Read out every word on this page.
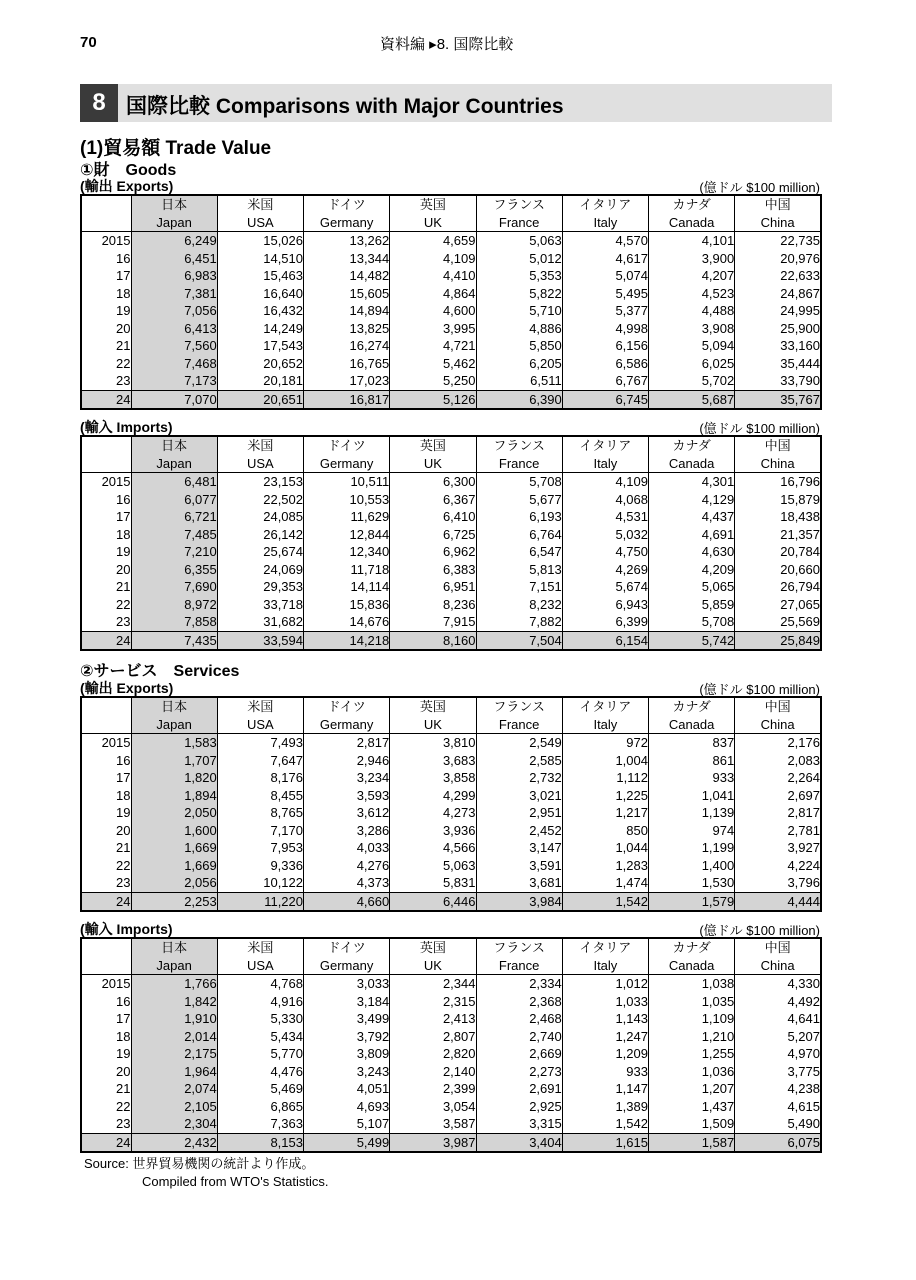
70	資料編 ▸8. 国際比較
8 国際比較 Comparisons with Major Countries
(1)貿易額 Trade Value
①財　Goods
②サービス　Services
(輸出 Exports)	(億ドル $100 million)
	日本	米国	ドイツ	英国	フランス	イタリア	カナダ	中国
	Japan	USA	Germany	UK	France	Italy	Canada	China
2015	6,249	15,026	13,262	4,659	5,063	4,570	4,101	22,735
16	6,451	14,510	13,344	4,109	5,012	4,617	3,900	20,976
17	6,983	15,463	14,482	4,410	5,353	5,074	4,207	22,633
18	7,381	16,640	15,605	4,864	5,822	5,495	4,523	24,867
19	7,056	16,432	14,894	4,600	5,710	5,377	4,488	24,995
20	6,413	14,249	13,825	3,995	4,886	4,998	3,908	25,900
21	7,560	17,543	16,274	4,721	5,850	6,156	5,094	33,160
22	7,468	20,652	16,765	5,462	6,205	6,586	6,025	35,444
23	7,173	20,181	17,023	5,250	6,511	6,767	5,702	33,790
24	7,070	20,651	16,817	5,126	6,390	6,745	5,687	35,767
(輸入 Imports)	(億ドル $100 million)
	日本	米国	ドイツ	英国	フランス	イタリア	カナダ	中国
	Japan	USA	Germany	UK	France	Italy	Canada	China
2015	6,481	23,153	10,511	6,300	5,708	4,109	4,301	16,796
16	6,077	22,502	10,553	6,367	5,677	4,068	4,129	15,879
17	6,721	24,085	11,629	6,410	6,193	4,531	4,437	18,438
18	7,485	26,142	12,844	6,725	6,764	5,032	4,691	21,357
19	7,210	25,674	12,340	6,962	6,547	4,750	4,630	20,784
20	6,355	24,069	11,718	6,383	5,813	4,269	4,209	20,660
21	7,690	29,353	14,114	6,951	7,151	5,674	5,065	26,794
22	8,972	33,718	15,836	8,236	8,232	6,943	5,859	27,065
23	7,858	31,682	14,676	7,915	7,882	6,399	5,708	25,569
24	7,435	33,594	14,218	8,160	7,504	6,154	5,742	25,849
(輸出 Exports)	(億ドル $100 million)
	日本	米国	ドイツ	英国	フランス	イタリア	カナダ	中国
	Japan	USA	Germany	UK	France	Italy	Canada	China
2015	1,583	7,493	2,817	3,810	2,549	972	837	2,176
16	1,707	7,647	2,946	3,683	2,585	1,004	861	2,083
17	1,820	8,176	3,234	3,858	2,732	1,112	933	2,264
18	1,894	8,455	3,593	4,299	3,021	1,225	1,041	2,697
19	2,050	8,765	3,612	4,273	2,951	1,217	1,139	2,817
20	1,600	7,170	3,286	3,936	2,452	850	974	2,781
21	1,669	7,953	4,033	4,566	3,147	1,044	1,199	3,927
22	1,669	9,336	4,276	5,063	3,591	1,283	1,400	4,224
23	2,056	10,122	4,373	5,831	3,681	1,474	1,530	3,796
24	2,253	11,220	4,660	6,446	3,984	1,542	1,579	4,444
(輸入 Imports)	(億ドル $100 million)
	日本	米国	ドイツ	英国	フランス	イタリア	カナダ	中国
	Japan	USA	Germany	UK	France	Italy	Canada	China
2015	1,766	4,768	3,033	2,344	2,334	1,012	1,038	4,330
16	1,842	4,916	3,184	2,315	2,368	1,033	1,035	4,492
17	1,910	5,330	3,499	2,413	2,468	1,143	1,109	4,641
18	2,014	5,434	3,792	2,807	2,740	1,247	1,210	5,207
19	2,175	5,770	3,809	2,820	2,669	1,209	1,255	4,970
20	1,964	4,476	3,243	2,140	2,273	933	1,036	3,775
21	2,074	5,469	4,051	2,399	2,691	1,147	1,207	4,238
22	2,105	6,865	4,693	3,054	2,925	1,389	1,437	4,615
23	2,304	7,363	5,107	3,587	3,315	1,542	1,509	5,490
24	2,432	8,153	5,499	3,987	3,404	1,615	1,587	6,075
Source: 世界貿易機関の統計より作成。
Compiled from WTO's Statistics.
